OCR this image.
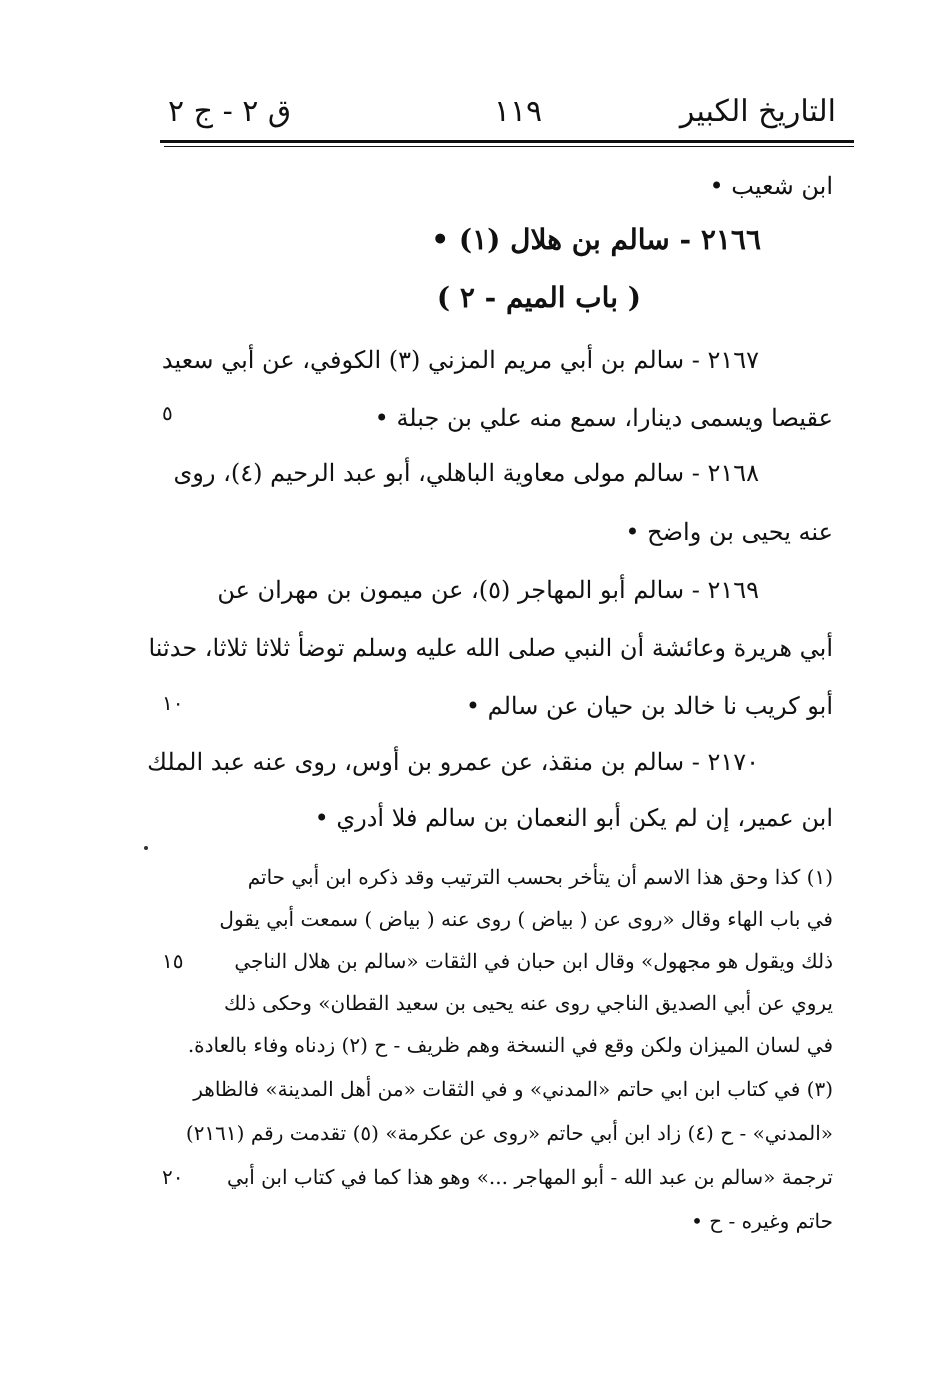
التاريخ الكبير
١١٩
ق ٢ - ج ٢
ابن شعيب •
٢١٦٦ - سالم بن هلال (١) •
( باب الميم - ٢ )
٢١٦٧ - سالم بن أبي مريم المزني (٣) الكوفي، عن أبي سعيد
عقيصا ويسمى دينارا، سمع منه علي بن جبلة •
٢١٦٨ - سالم مولى معاوية الباهلي، أبو عبد الرحيم (٤)، روى
عنه يحيى بن واضح •
٢١٦٩ - سالم أبو المهاجر (٥)، عن ميمون بن مهران عن
أبي هريرة وعائشة أن النبي صلى الله عليه وسلم توضأ ثلاثا ثلاثا، حدثنا
أبو كريب نا خالد بن حيان عن سالم •
٢١٧٠ - سالم بن منقذ، عن عمرو بن أوس، روى عنه عبد الملك
ابن عمير، إن لم يكن أبو النعمان بن سالم فلا أدري •
(١) كذا وحق هذا الاسم أن يتأخر بحسب الترتيب وقد ذكره ابن أبي حاتم
في باب الهاء وقال «روى عن ( بياض ) روى عنه ( بياض ) سمعت أبي يقول
ذلك ويقول هو مجهول» وقال ابن حبان في الثقات «سالم بن هلال الناجي
يروي عن أبي الصديق الناجي روى عنه يحيى بن سعيد القطان» وحكى ذلك
في لسان الميزان ولكن وقع في النسخة وهم ظريف - ح (٢) زدناه وفاء بالعادة.
(٣) في كتاب ابن ابي حاتم «المدني» و في الثقات «من أهل المدينة» فالظاهر
«المدني» - ح (٤) زاد ابن أبي حاتم «روى عن عكرمة» (٥) تقدمت رقم (٢١٦١)
ترجمة «سالم بن عبد الله - أبو المهاجر ...» وهو هذا كما في كتاب ابن أبي
حاتم وغيره - ح •
٥
١٠
١٥
٢٠
